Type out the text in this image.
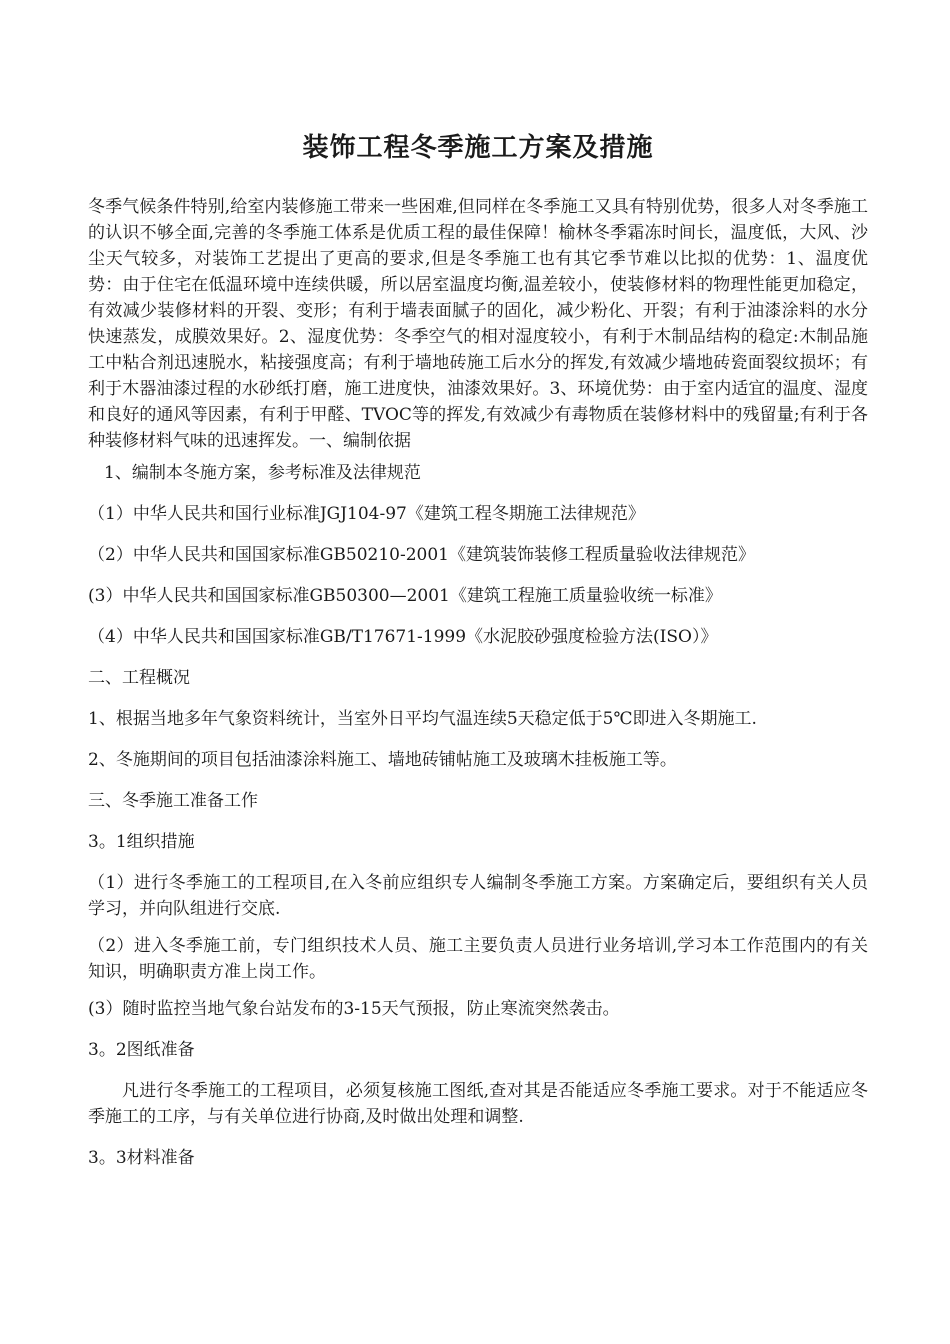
装饰工程冬季施工方案及措施

冬季气候条件特别,给室内装修施工带来一些困难,但同样在冬季施工又具有特别优势，很多人对冬季施工的认识不够全面,完善的冬季施工体系是优质工程的最佳保障！榆林冬季霜冻时间长，温度低，大风、沙尘天气较多，对装饰工艺提出了更高的要求,但是冬季施工也有其它季节难以比拟的优势：1、温度优势：由于住宅在低温环境中连续供暖，所以居室温度均衡,温差较小，使装修材料的物理性能更加稳定，有效减少装修材料的开裂、变形；有利于墙表面腻子的固化，减少粉化、开裂；有利于油漆涂料的水分快速蒸发，成膜效果好。2、湿度优势：冬季空气的相对湿度较小，有利于木制品结构的稳定:木制品施工中粘合剂迅速脱水，粘接强度高；有利于墙地砖施工后水分的挥发,有效减少墙地砖瓷面裂纹损坏；有利于木器油漆过程的水砂纸打磨，施工进度快，油漆效果好。3、环境优势：由于室内适宜的温度、湿度和良好的通风等因素，有利于甲醛、TVOC等的挥发,有效减少有毒物质在装修材料中的残留量;有利于各种装修材料气味的迅速挥发。一、编制依据

1、编制本冬施方案，参考标准及法律规范

（1）中华人民共和国行业标准JGJ104-97《建筑工程冬期施工法律规范》

（2）中华人民共和国国家标准GB50210-2001《建筑装饰装修工程质量验收法律规范》

(3）中华人民共和国国家标准GB50300—2001《建筑工程施工质量验收统一标准》

（4）中华人民共和国国家标准GB/T17671-1999《水泥胶砂强度检验方法(ISO）》

二、工程概况

1、根据当地多年气象资料统计，当室外日平均气温连续5天稳定低于5℃即进入冬期施工.

2、冬施期间的项目包括油漆涂料施工、墙地砖铺帖施工及玻璃木挂板施工等。

三、冬季施工准备工作

3。1组织措施

（1）进行冬季施工的工程项目,在入冬前应组织专人编制冬季施工方案。方案确定后，要组织有关人员学习，并向队组进行交底.

（2）进入冬季施工前，专门组织技术人员、施工主要负责人员进行业务培训,学习本工作范围内的有关知识，明确职责方准上岗工作。

(3）随时监控当地气象台站发布的3-15天气预报，防止寒流突然袭击。

3。2图纸准备

凡进行冬季施工的工程项目，必须复核施工图纸,查对其是否能适应冬季施工要求。对于不能适应冬季施工的工序，与有关单位进行协商,及时做出处理和调整.

3。3材料准备
